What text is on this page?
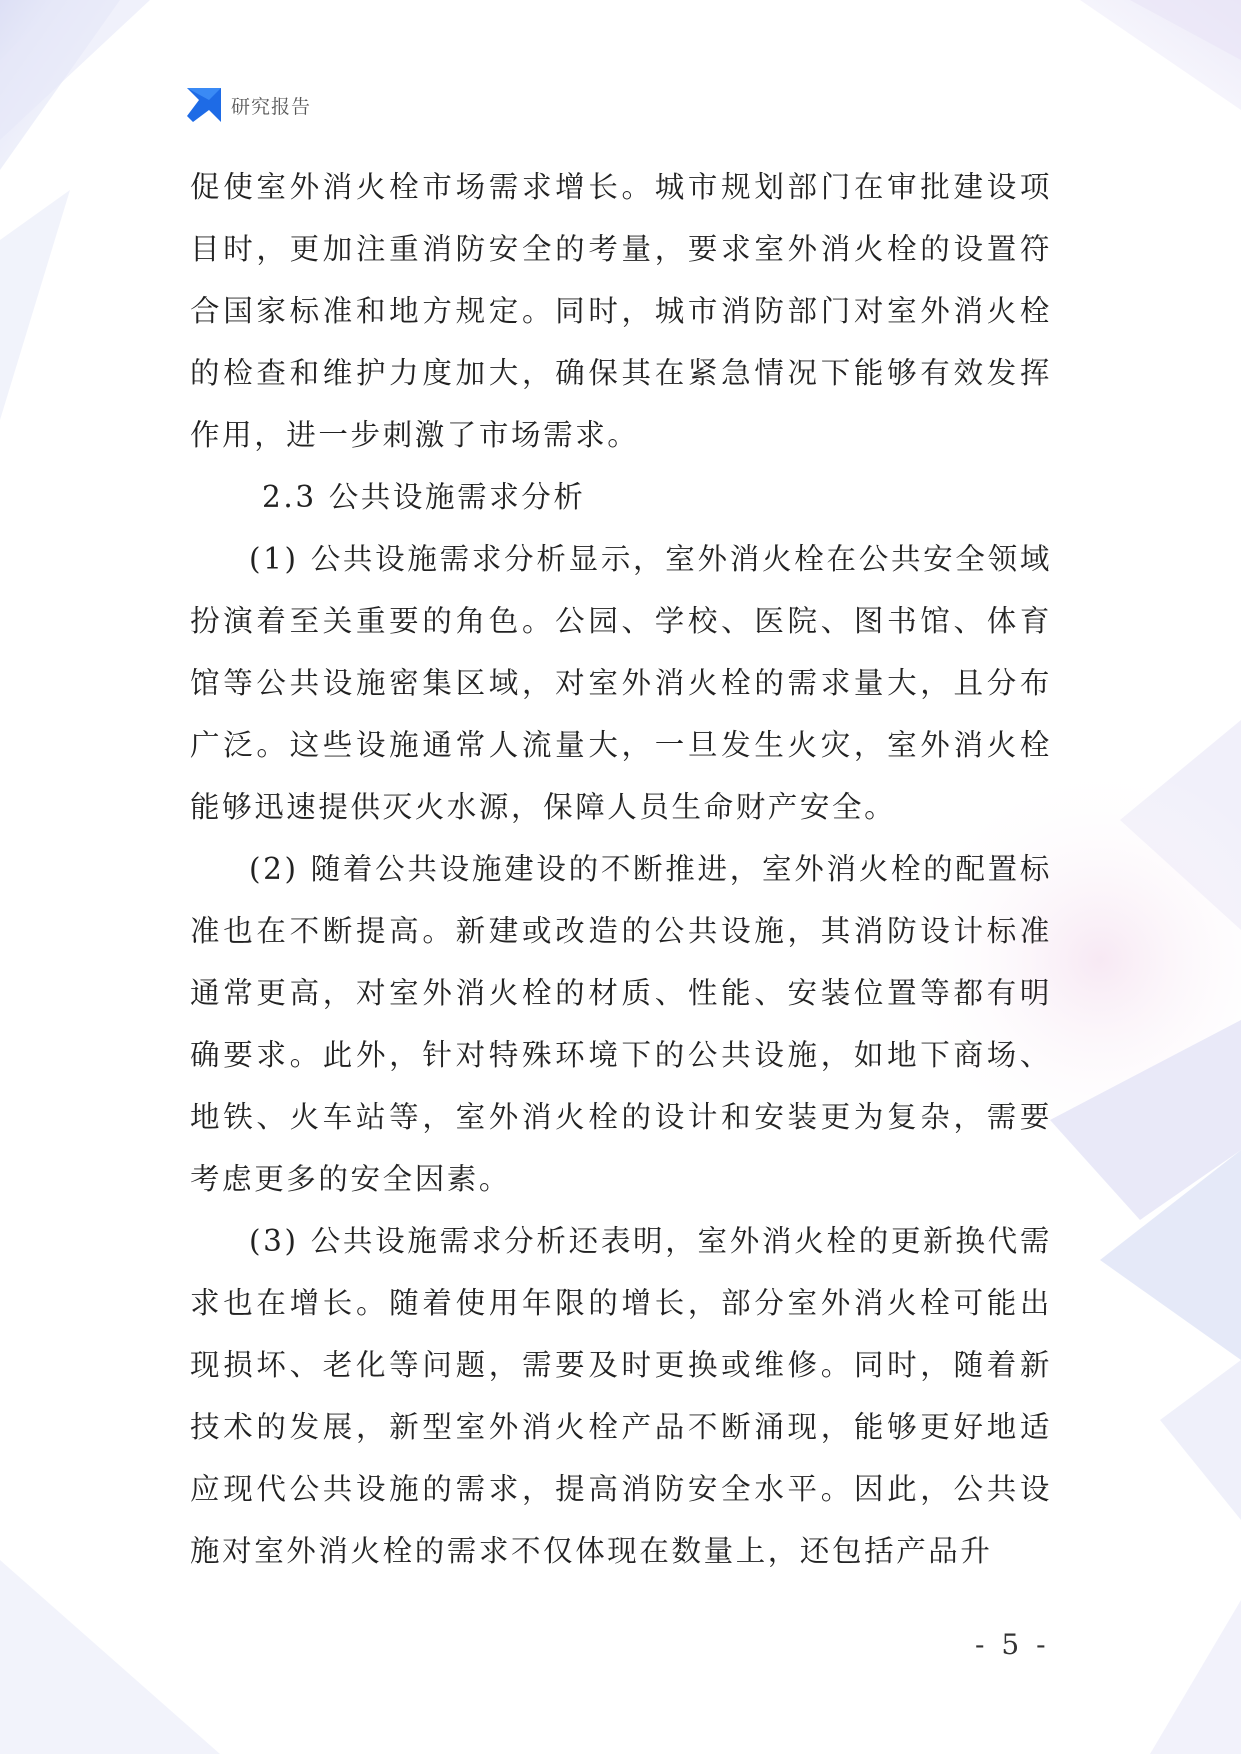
研究报告

促使室外消火栓市场需求增长。城市规划部门在审批建设项目时，更加注重消防安全的考量，要求室外消火栓的设置符合国家标准和地方规定。同时，城市消防部门对室外消火栓的检查和维护力度加大，确保其在紧急情况下能够有效发挥作用，进一步刺激了市场需求。

2.3 公共设施需求分析

(1) 公共设施需求分析显示，室外消火栓在公共安全领域扮演着至关重要的角色。公园、学校、医院、图书馆、体育馆等公共设施密集区域，对室外消火栓的需求量大，且分布广泛。这些设施通常人流量大，一旦发生火灾，室外消火栓能够迅速提供灭火水源，保障人员生命财产安全。

(2) 随着公共设施建设的不断推进，室外消火栓的配置标准也在不断提高。新建或改造的公共设施，其消防设计标准通常更高，对室外消火栓的材质、性能、安装位置等都有明确要求。此外，针对特殊环境下的公共设施，如地下商场、地铁、火车站等，室外消火栓的设计和安装更为复杂，需要考虑更多的安全因素。

(3) 公共设施需求分析还表明，室外消火栓的更新换代需求也在增长。随着使用年限的增长，部分室外消火栓可能出现损坏、老化等问题，需要及时更换或维修。同时，随着新技术的发展，新型室外消火栓产品不断涌现，能够更好地适应现代公共设施的需求，提高消防安全水平。因此，公共设施对室外消火栓的需求不仅体现在数量上，还包括产品升

- 5 -
